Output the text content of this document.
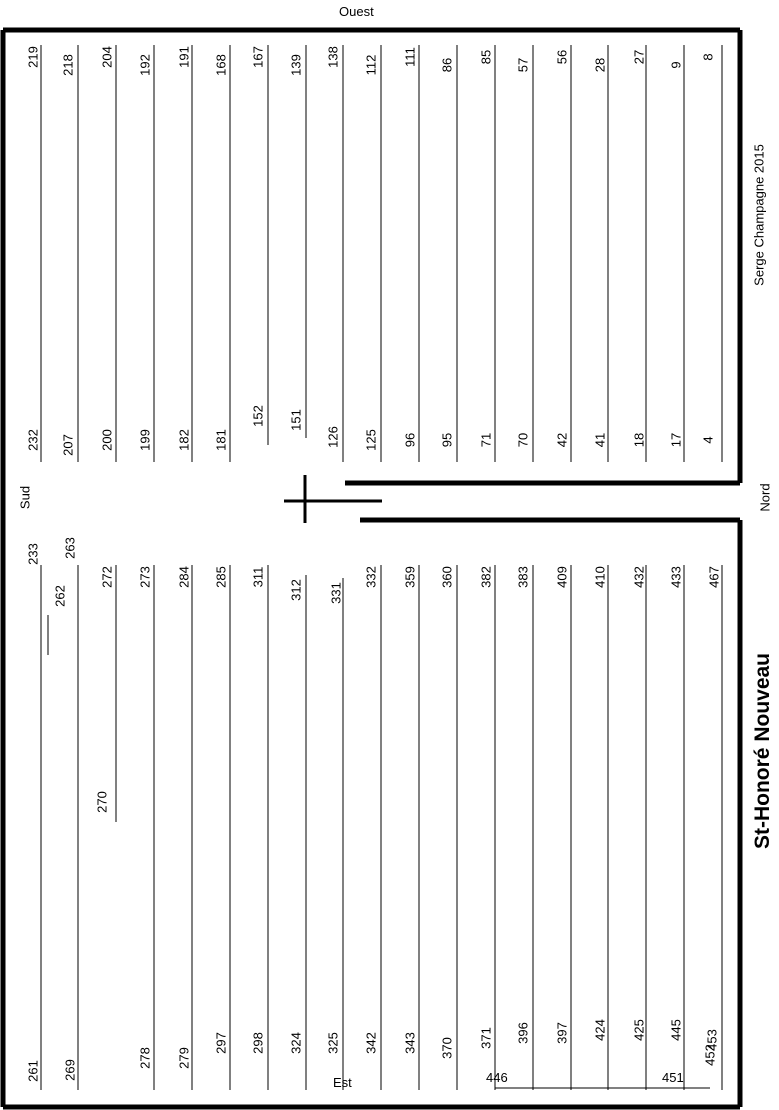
Ouest
Est
Sud	Nord
St-Honoré Nouveau
Serge Champagne 2015
219 218 204 192 191 168 167 139 138 112 111 86
85
57
56
28
27
9
8
232 207 200 199 182 181
152 151
126 125 96 95 71 70 42 41 18 17 4
233 263
262
272 273 284 285 311
312 331
332 359 360 382 383 409 410 432 433 467
270
261 269
278 279
297 298 324 325 342 343 370 371 396 397 424 425 445 453
452
446	451
